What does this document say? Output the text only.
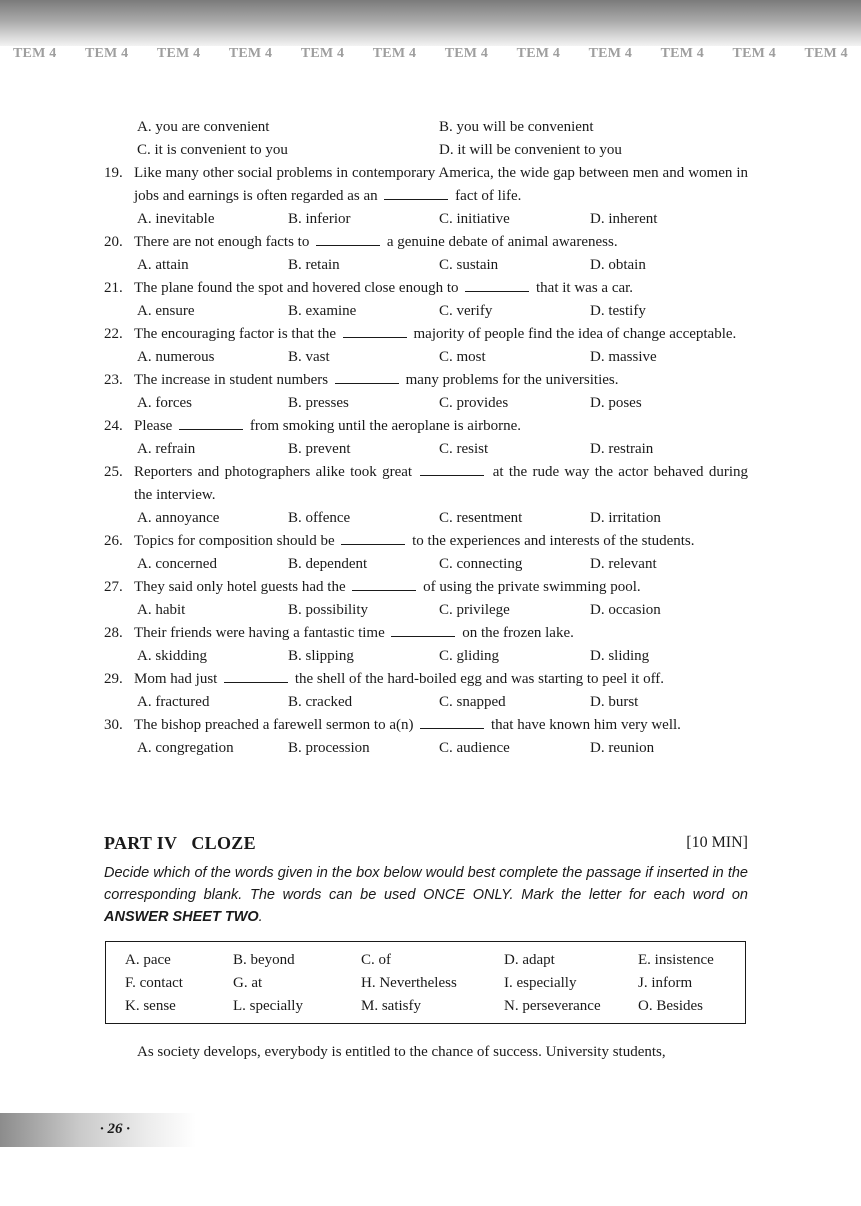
TEM 4 TEM 4 TEM 4 TEM 4 TEM 4 TEM 4 TEM 4 TEM 4 TEM 4 TEM 4 TEM 4 TEM 4
A. you are convenient	B. you will be convenient
C. it is convenient to you	D. it will be convenient to you
19. Like many other social problems in contemporary America, the wide gap between men and women in jobs and earnings is often regarded as an	fact of life.
A. inevitable	B. inferior	C. initiative	D. inherent
20. There are not enough facts to	a genuine debate of animal awareness.
A. attain	B. retain	C. sustain	D. obtain
21. The plane found the spot and hovered close enough to	that it was a car.
A. ensure	B. examine	C. verify	D. testify
22. The encouraging factor is that the	majority of people find the idea of change acceptable.
A. numerous	B. vast	C. most	D. massive
23. The increase in student numbers	many problems for the universities.
A. forces	B. presses	C. provides	D. poses
24. Please	from smoking until the aeroplane is airborne.
A. refrain	B. prevent	C. resist	D. restrain
25. Reporters and photographers alike took great	at the rude way the actor behaved during the interview.
A. annoyance	B. offence	C. resentment	D. irritation
26. Topics for composition should be	to the experiences and interests of the students.
A. concerned	B. dependent	C. connecting	D. relevant
27. They said only hotel guests had the	of using the private swimming pool.
A. habit	B. possibility	C. privilege	D. occasion
28. Their friends were having a fantastic time	on the frozen lake.
A. skidding	B. slipping	C. gliding	D. sliding
29. Mom had just	the shell of the hard-boiled egg and was starting to peel it off.
A. fractured	B. cracked	C. snapped	D. burst
30. The bishop preached a farewell sermon to a(n)	that have known him very well.
A. congregation	B. procession	C. audience	D. reunion
PART IV   CLOZE	[10 MIN]
Decide which of the words given in the box below would best complete the passage if inserted in the corresponding blank. The words can be used ONCE ONLY. Mark the letter for each word on ANSWER SHEET TWO.
A. pace	B. beyond	C. of	D. adapt	E. insistence
F. contact	G. at	H. Nevertheless	I. especially	J. inform
K. sense	L. specially	M. satisfy	N. perseverance O. Besides
As society develops, everybody is entitled to the chance of success. University students,
· 26 ·
